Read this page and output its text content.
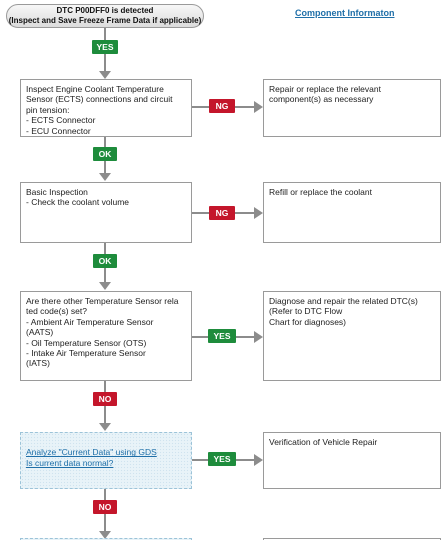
DTC P00DFF0 is detected
(Inspect and Save Freeze Frame Data if applicable)
Component Informaton
YES
Inspect Engine Coolant Temperature
Sensor (ECTS) connections and circuit
pin tension:
- ECTS Connector
- ECU Connector
NG
Repair or replace the relevant
component(s) as necessary
OK
Basic Inspection
- Check the coolant volume
NG
Refill or replace the coolant
OK
Are there other Temperature Sensor rela
ted code(s) set?
- Ambient Air Temperature Sensor
(AATS)
- Oil Temperature Sensor (OTS)
- Intake Air Temperature Sensor
(IATS)
YES
Diagnose and repair the related DTC(s)
(Refer to DTC Flow
Chart for diagnoses)
NO

Analyze "Current Data" using GDS
Is current data normal?	YES
Verification of Vehicle Repair
NO
